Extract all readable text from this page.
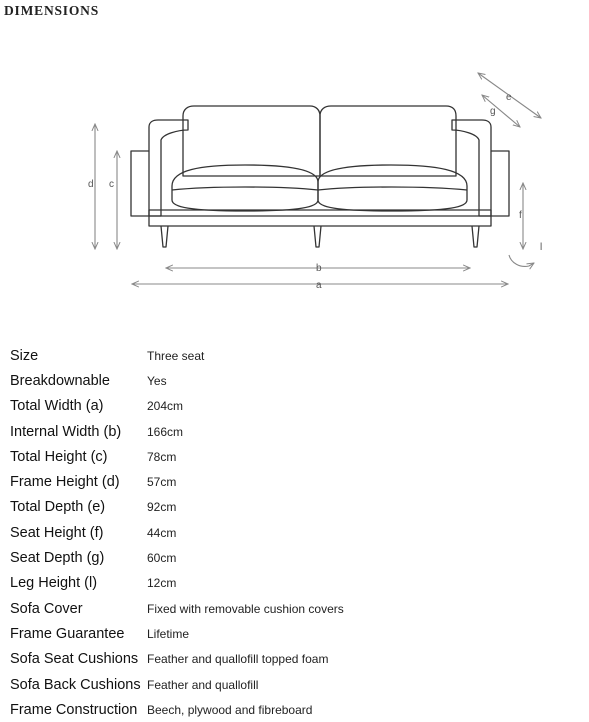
DIMENSIONS
a
b
d c
f
e
g
l
Size	Three seat
Breakdownable	Yes
Total Width (a)	204cm
Internal Width (b)	166cm
Total Height (c)	78cm
Frame Height (d)	57cm
Total Depth (e)	92cm
Seat Height (f)	44cm
Seat Depth (g)	60cm
Leg Height (l)	12cm
Sofa Cover	Fixed with removable cushion covers
Frame Guarantee	Lifetime
Sofa Seat Cushions	Feather and quallofill topped foam
Sofa Back Cushions	Feather and quallofill
Frame Construction	Beech, plywood and fibreboard
